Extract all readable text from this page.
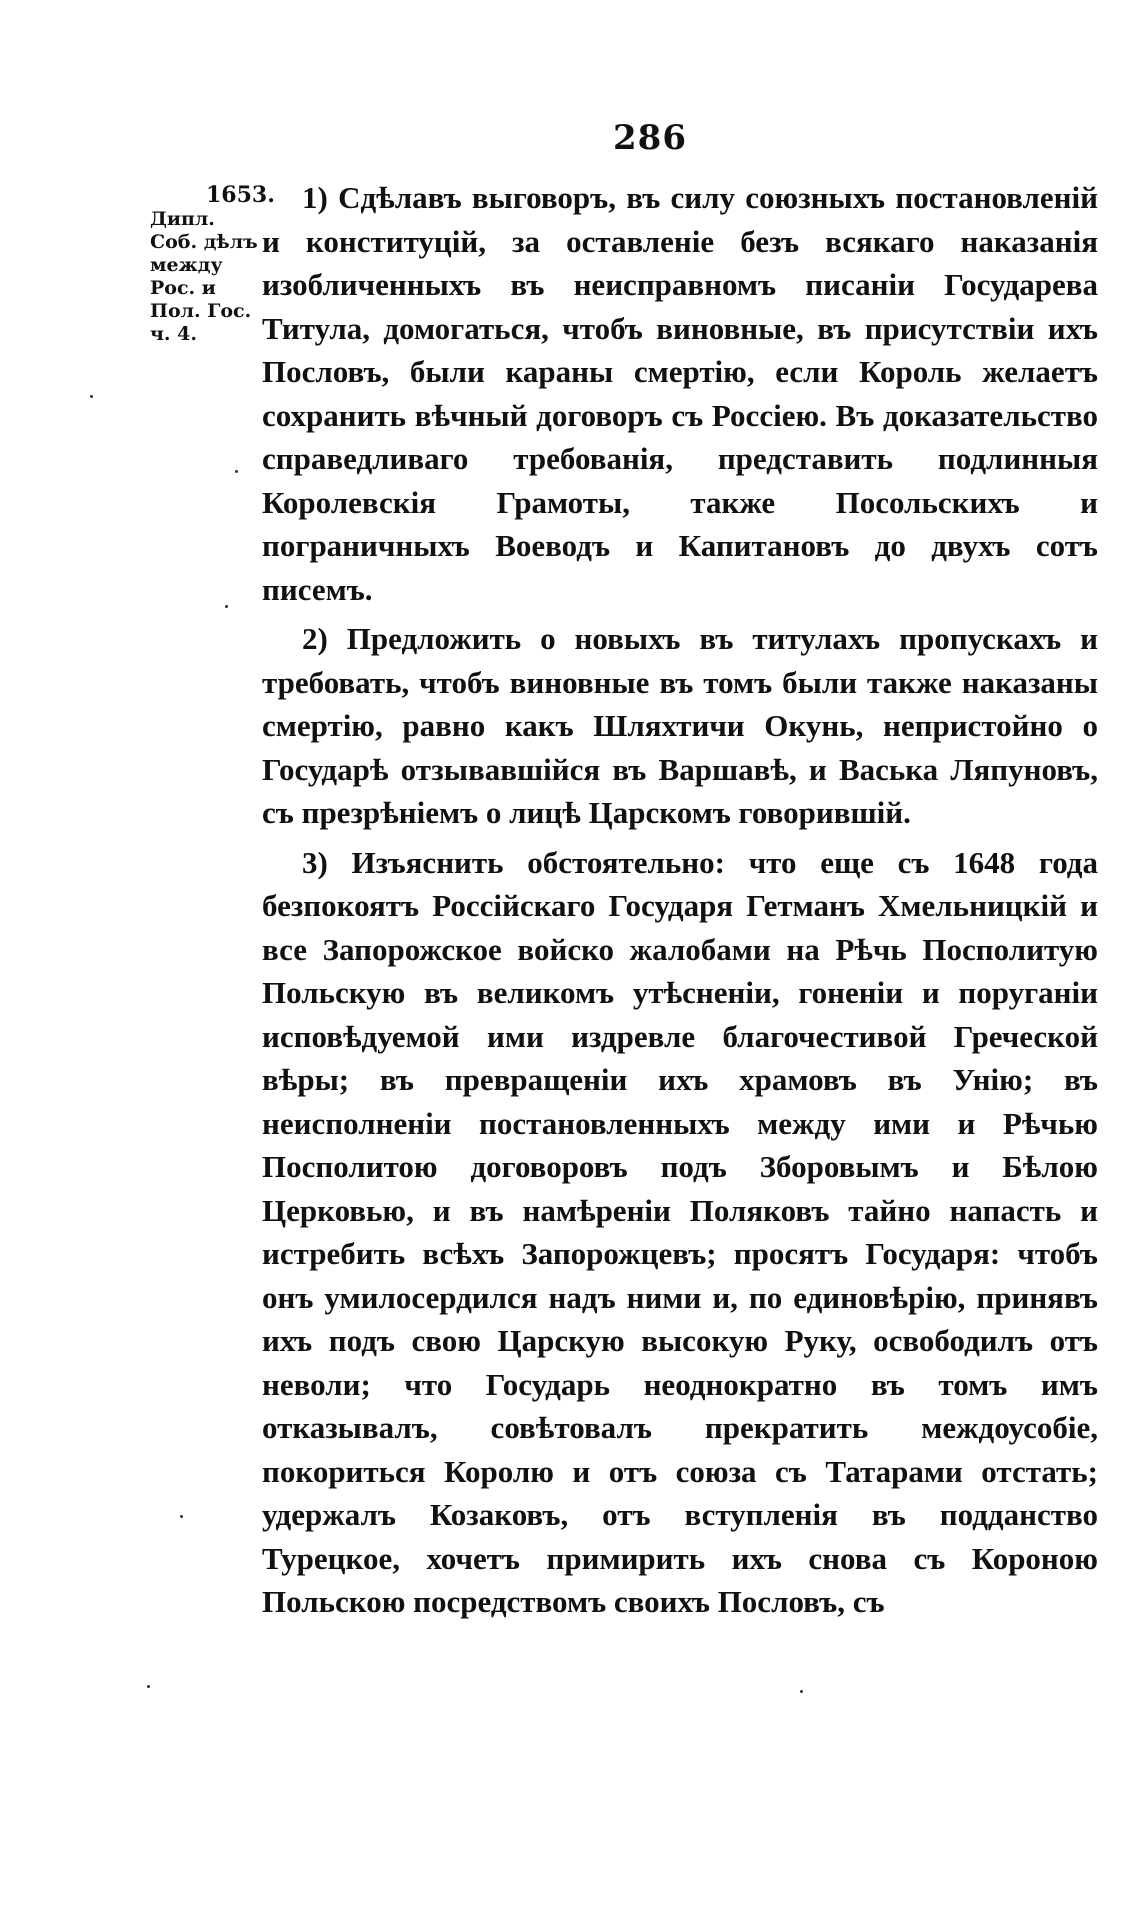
286
1653.
Дипл.
Соб. дѣлъ
между
Рос. и
Пол. Гос.
ч. 4.

1) Сдѣлавъ выговоръ, въ силу союзныхъ постановленій и конституцій, за оставленіе безъ всякаго наказанія изобличенныхъ въ неисправномъ писаніи Государева Титула, домогаться, чтобъ виновные, въ присутствіи ихъ Пословъ, были караны смертію, если Король желаетъ сохранить вѣчный договоръ съ Россіею. Въ доказательство справедливаго требованія, представить подлинныя Королевскія Грамоты, также Посольскихъ и пограничныхъ Воеводъ и Капитановъ до двухъ сотъ писемъ.

2) Предложить о новыхъ въ титулахъ пропускахъ и требовать, чтобъ виновные въ томъ были также наказаны смертію, равно какъ Шляхтичи Окунь, непристойно о Государѣ отзывавшійся въ Варшавѣ, и Васька Ляпуновъ, съ презрѣніемъ о лицѣ Царскомъ говорившій.

3) Изъяснить обстоятельно: что еще съ 1648 года безпокоятъ Россійскаго Государя Гетманъ Хмельницкій и все Запорожское войско жалобами на Рѣчь Посполитую Польскую въ великомъ утѣсненіи, гоненіи и поруганіи исповѣдуемой ими издревле благочестивой Греческой вѣры; въ превращеніи ихъ храмовъ въ Унію; въ неисполненіи постановленныхъ между ими и Рѣчью Посполитою договоровъ подъ Зборовымъ и Бѣлою Церковью, и въ намѣреніи Поляковъ тайно напасть и истребить всѣхъ Запорожцевъ; просятъ Государя: чтобъ онъ умилосердился надъ ними и, по единовѣрію, принявъ ихъ подъ свою Царскую высокую Руку, освободилъ отъ неволи; что Государь неоднократно въ томъ имъ отказывалъ, совѣтовалъ прекратить междоусобіе, покориться Королю и отъ союза съ Татарами отстать; удержалъ Козаковъ, отъ вступленія въ подданство Турецкое, хочетъ примирить ихъ снова съ Короною Польскою посредствомъ своихъ Пословъ, съ
